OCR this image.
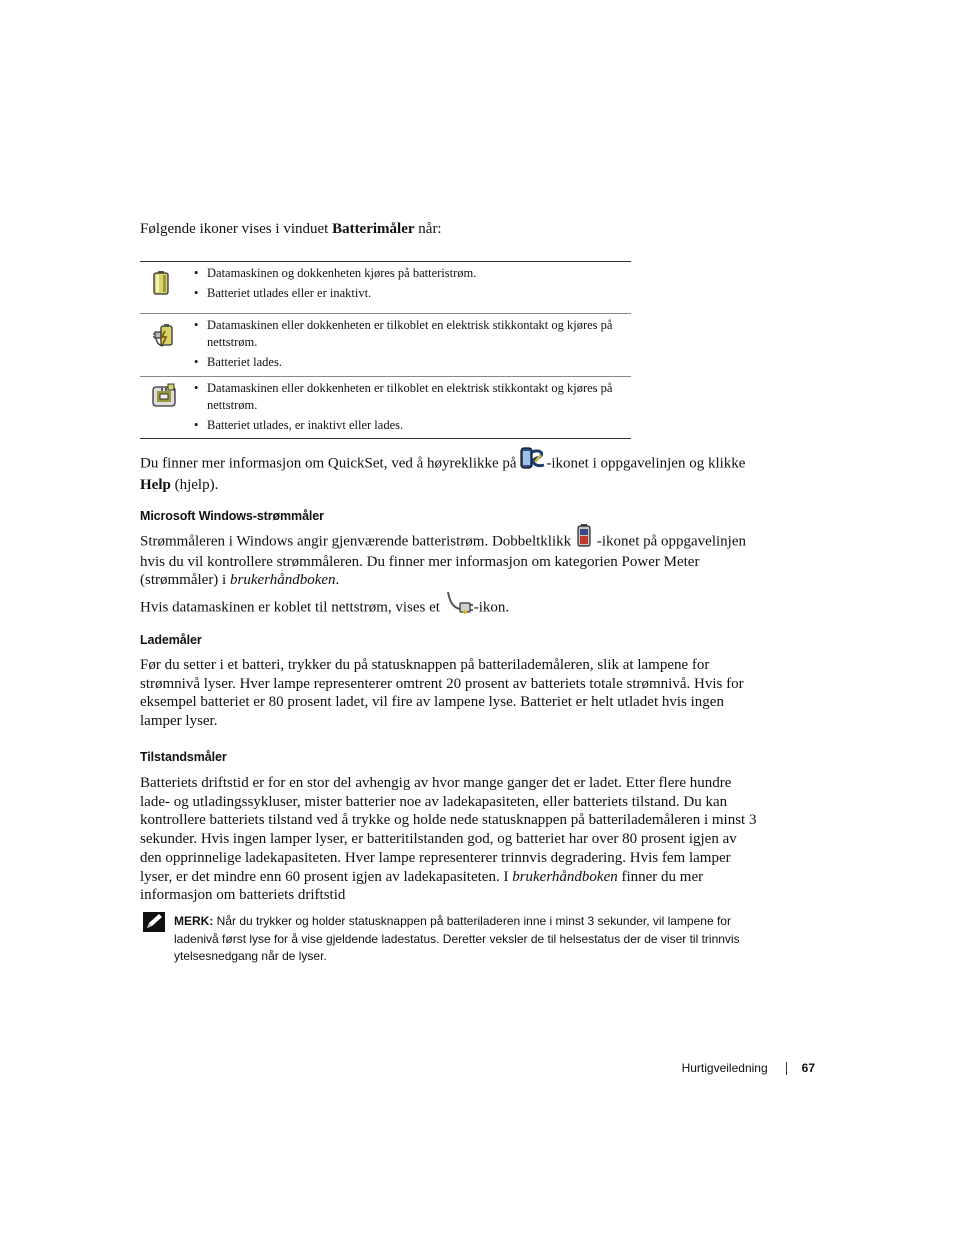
Følgende ikoner vises i vinduet Batterimåler når:

• Datamaskinen og dokkenheten kjøres på batteristrøm.
• Batteriet utlades eller er inaktivt.
• Datamaskinen eller dokkenheten er tilkoblet en elektrisk stikkontakt og kjøres på nettstrøm.
• Batteriet lades.
• Datamaskinen eller dokkenheten er tilkoblet en elektrisk stikkontakt og kjøres på nettstrøm.
• Batteriet utlades, er inaktivt eller lades.

Du finner mer informasjon om QuickSet, ved å høyreklikke på -ikonet i oppgavelinjen og klikke Help (hjelp).

Microsoft Windows-strømmåler

Strømmåleren i Windows angir gjenværende batteristrøm. Dobbeltklikk -ikonet på oppgavelinjen hvis du vil kontrollere strømmåleren. Du finner mer informasjon om kategorien Power Meter (strømmåler) i brukerhåndboken.

Hvis datamaskinen er koblet til nettstrøm, vises et -ikon.

Lademåler

Før du setter i et batteri, trykker du på statusknappen på batterilademåleren, slik at lampene for strømnivå lyser. Hver lampe representerer omtrent 20 prosent av batteriets totale strømnivå. Hvis for eksempel batteriet er 80 prosent ladet, vil fire av lampene lyse. Batteriet er helt utladet hvis ingen lamper lyser.

Tilstandsmåler

Batteriets driftstid er for en stor del avhengig av hvor mange ganger det er ladet. Etter flere hundre lade- og utladingssykluser, mister batterier noe av ladekapasiteten, eller batteriets tilstand. Du kan kontrollere batteriets tilstand ved å trykke og holde nede statusknappen på batterilademåleren i minst 3 sekunder. Hvis ingen lamper lyser, er batteritilstanden god, og batteriet har over 80 prosent igjen av den opprinnelige ladekapasiteten. Hver lampe representerer trinnvis degradering. Hvis fem lamper lyser, er det mindre enn 60 prosent igjen av ladekapasiteten. I brukerhåndboken finner du mer informasjon om batteriets driftstid

MERK: Når du trykker og holder statusknappen på batteriladeren inne i minst 3 sekunder, vil lampene for ladenivå først lyse for å vise gjeldende ladestatus. Deretter veksler de til helsestatus der de viser til trinnvis ytelsesnedgang når de lyser.

Hurtigveiledning	67
